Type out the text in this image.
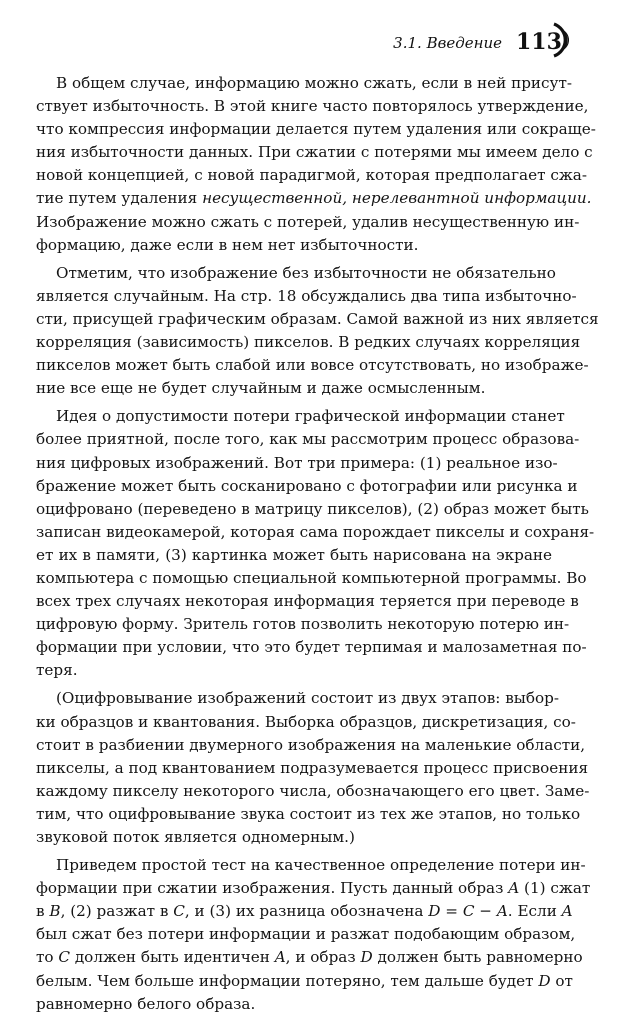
3.1. Введение 113
В общем случае, информацию можно сжать, если в ней присут-
ствует избыточность. В этой книге часто повторялось утверждение,
что компрессия информации делается путем удаления или сокраще-
ния избыточности данных. При сжатии с потерями мы имеем дело с
новой концепцией, с новой парадигмой, которая предполагает сжа-
тие путем удаления несущественной, нерелевантной информации.
Изображение можно сжать с потерей, удалив несущественную ин-
формацию, даже если в нем нет избыточности.
Отметим, что изображение без избыточности не обязательно
является случайным. На стр. 18 обсуждались два типа избыточно-
сти, присущей графическим образам. Самой важной из них является
корреляция (зависимость) пикселов. В редких случаях корреляция
пикселов может быть слабой или вовсе отсутствовать, но изображе-
ние все еще не будет случайным и даже осмысленным.
Идея о допустимости потери графической информации станет
более приятной, после того, как мы рассмотрим процесс образова-
ния цифровых изображений. Вот три примера: (1) реальное изо-
бражение может быть сосканировано с фотографии или рисунка и
оцифровано (переведено в матрицу пикселов), (2) образ может быть
записан видеокамерой, которая сама порождает пикселы и сохраня-
ет их в памяти, (3) картинка может быть нарисована на экране
компьютера с помощью специальной компьютерной программы. Во
всех трех случаях некоторая информация теряется при переводе в
цифровую форму. Зритель готов позволить некоторую потерю ин-
формации при условии, что это будет терпимая и малозаметная по-
теря.
(Оцифровывание изображений состоит из двух этапов: выбор-
ки образцов и квантования. Выборка образцов, дискретизация, со-
стоит в разбиении двумерного изображения на маленькие области,
пикселы, а под квантованием подразумевается процесс присвоения
каждому пикселу некоторого числа, обозначающего его цвет. Заме-
тим, что оцифровывание звука состоит из тех же этапов, но только
звуковой поток является одномерным.)
Приведем простой тест на качественное определение потери ин-
формации при сжатии изображения. Пусть данный образ A (1) сжат
в B, (2) разжат в C, и (3) их разница обозначена D = C − A. Если A
был сжат без потери информации и разжат подобающим образом,
то C должен быть идентичен A, и образ D должен быть равномерно
белым. Чем больше информации потеряно, тем дальше будет D от
равномерно белого образа.
